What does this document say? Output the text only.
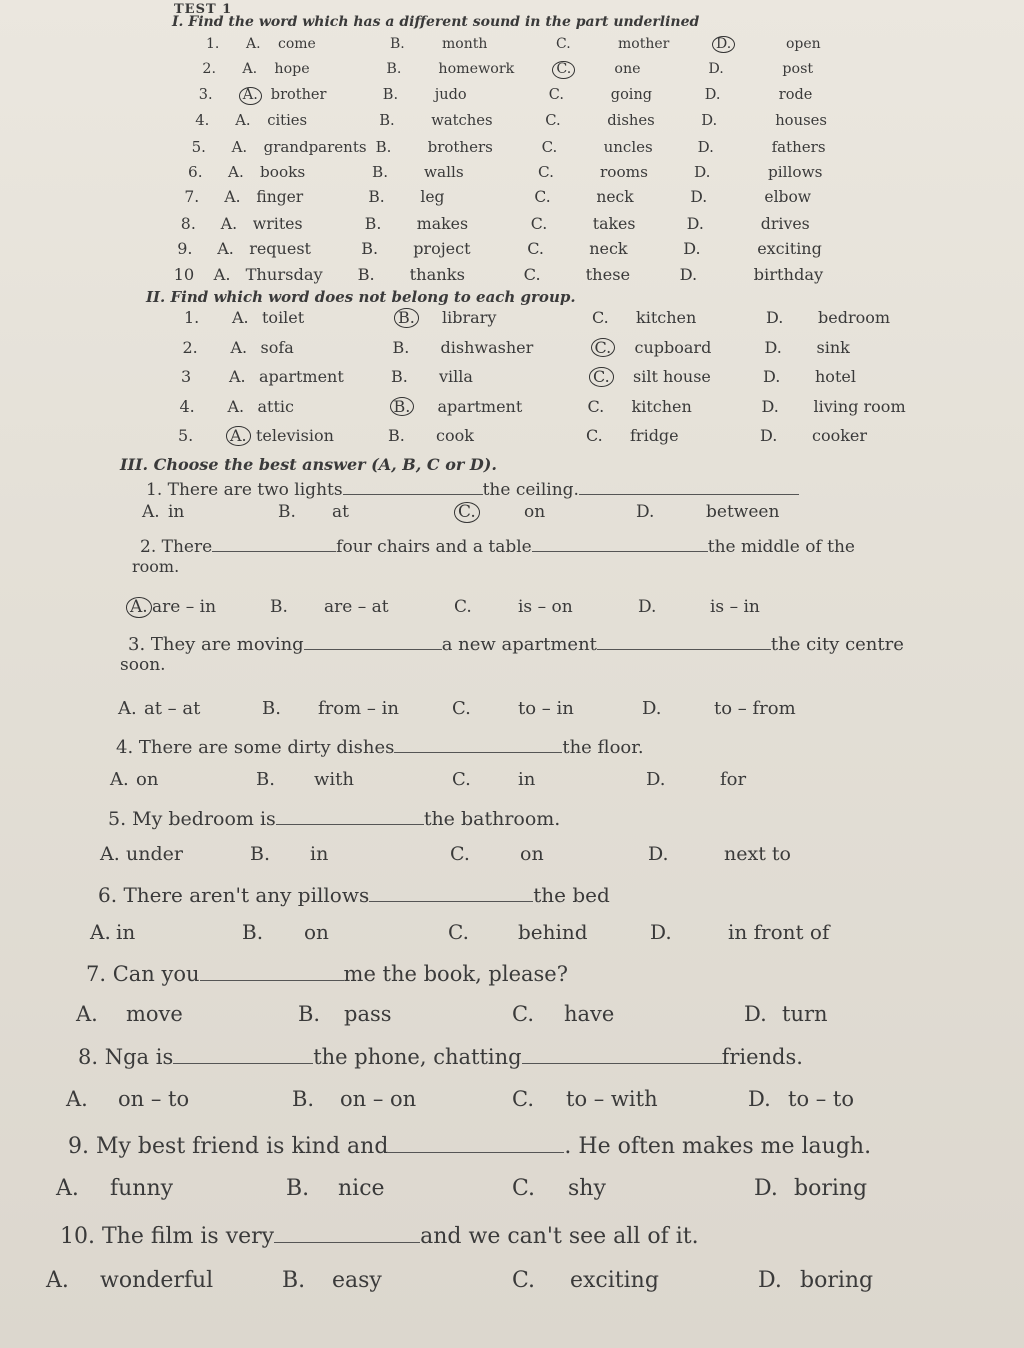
TEST 1
I. Find the word which has a different sound in the part underlined
1. A. come	B.	month	C.	mother	D.	open
2. A. hope	B.	homework	C.	one	D.	post
3. A. brother	B.	judo	C.	going	D.	rode
4. A. cities	B. watches	C.	dishes	D.	houses
5. A. grandparents B. brothers	C.	uncles	D.	fathers
6. A. books	B. walls	C.	rooms	D.	pillows
7. A. finger	B. leg	C.	neck	D.	elbow
8. A. writes	B. makes	C.	takes	D.	drives
9. A. request	B. project	C.	neck	D.	exciting
10 A. Thursday B. thanks	C.	these	D.	birthday
II. Find which word does not belong to each group.
1. A. toilet	B. library	C. kitchen	D. bedroom
2. A. sofa	B. dishwasher	C. cupboard	D. sink
3 A. apartment	B. villa	C. silt house	D. hotel
4. A. attic	B. apartment	C. kitchen	D. living room
5. A. television	B. cook	C. fridge	D. cooker
III. Choose the best answer (A, B, C or D).
1. There are two lights	the ceiling.
A. in	B. at	C.	on	D.	between
2. There	four chairs and a table	the middle of the
room.
A. are – in	B. are – at	C.	is – on	D.	is – in
3. They are moving	a new apartment	the city centre
soon.
A. at – at	B. from – in	C.	to – in	D.	to – from
4. There are some dirty dishes	the floor.
A. on	B. with	C.	in	D.	for
5. My bedroom is	the bathroom.
A. under	B. in	C.	on	D.	next to
6. There aren't any pillows	the bed
A. in	B. on	C. behind	D.	in front of
7. Can you	me the book, please?
A. move	B. pass	C. have	D. turn
8. Nga is	the phone, chatting	friends.
A. on – to	B. on – on	C. to – with	D. to – to
9. My best friend is kind and	. He often makes me laugh.
A. funny	B. nice	C. shy	D. boring
10. The film is very	and we can't see all of it.
A. wonderful	B. easy	C. exciting	D. boring
